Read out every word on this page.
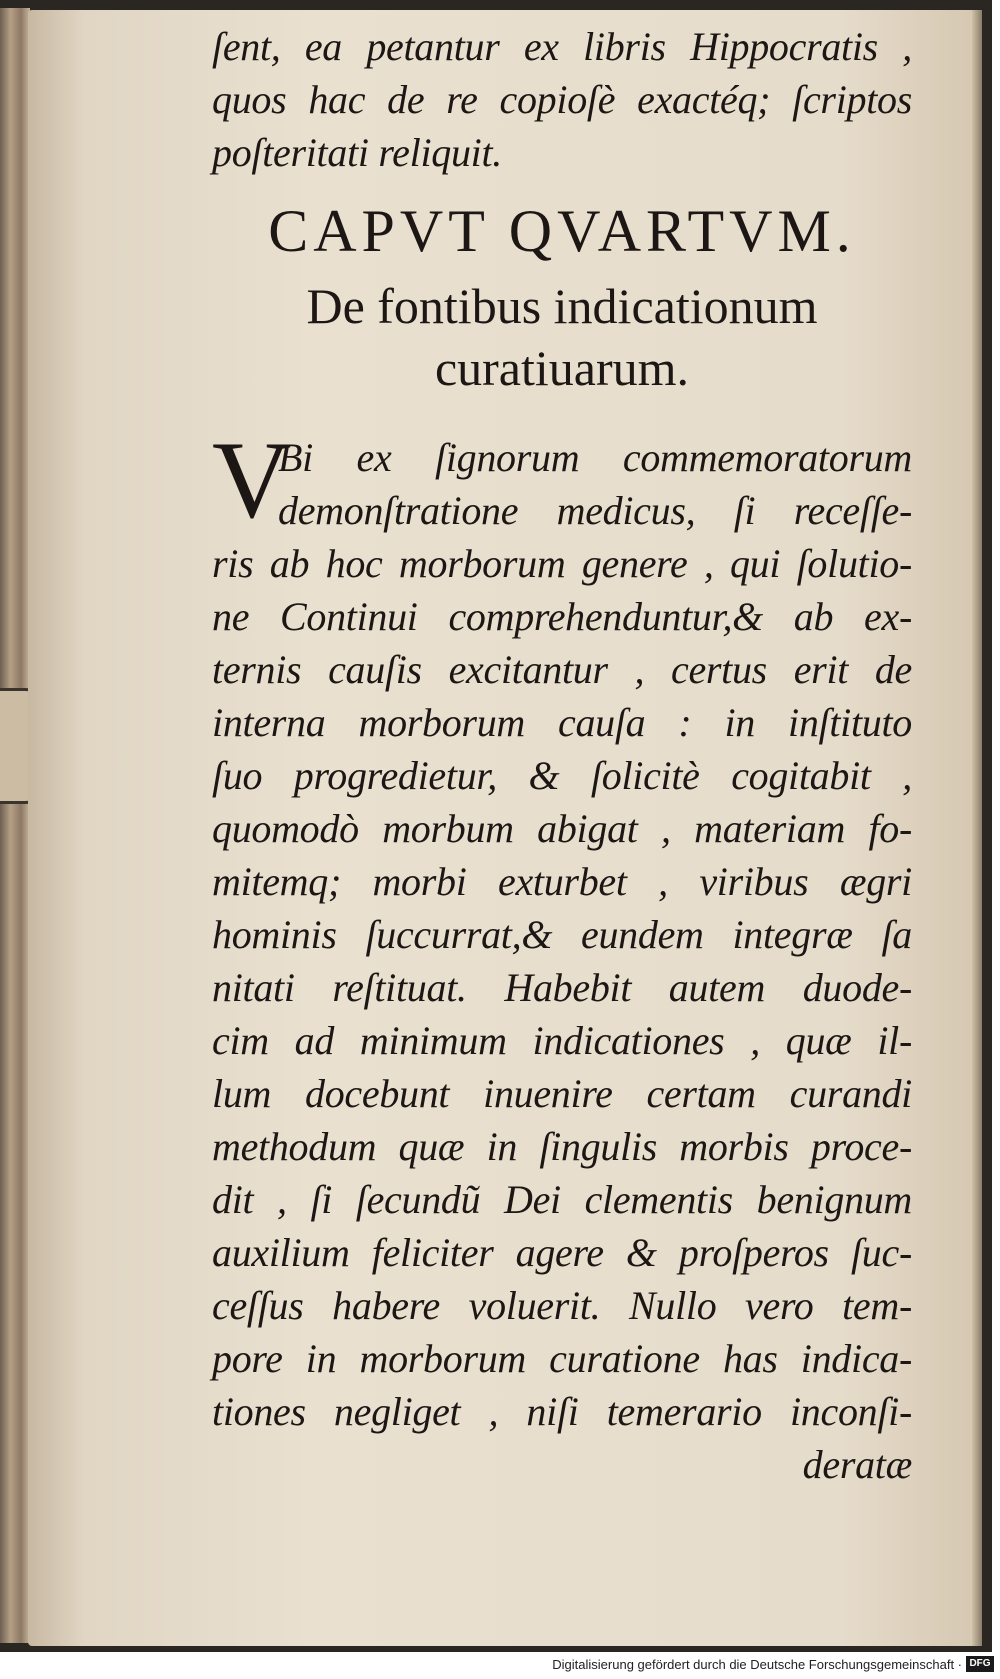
ſent, ea petantur ex libris Hippocratis ,
quos hac de re copioſè exactéq; ſcriptos
poſteritati reliquit.
CAPVT QVARTVM.
De fontibus indicationum
curatiuarum.
V
Bi ex ſignorum commemoratorum
demonſtratione medicus, ſi receſſe-
ris ab hoc morborum genere , qui ſolutio-
ne Continui comprehenduntur,& ab ex-
ternis cauſis excitantur , certus erit de
interna morborum cauſa : in inſtituto
ſuo progredietur, & ſolicitè cogitabit ,
quomodò morbum abigat , materiam fo-
mitemq; morbi exturbet , viribus ægri
hominis ſuccurrat,& eundem integræ ſa
nitati reſtituat. Habebit autem duode-
cim ad minimum indicationes , quæ il-
lum docebunt inuenire certam curandi
methodum quæ in ſingulis morbis proce-
dit , ſi ſecundũ Dei clementis benignum
auxilium feliciter agere & proſperos ſuc-
ceſſus habere voluerit. Nullo vero tem-
pore in morborum curatione has indica-
tiones negliget , niſi temerario inconſi-
deratæ
Digitalisierung gefördert durch die Deutsche Forschungsgemeinschaft · DFG
